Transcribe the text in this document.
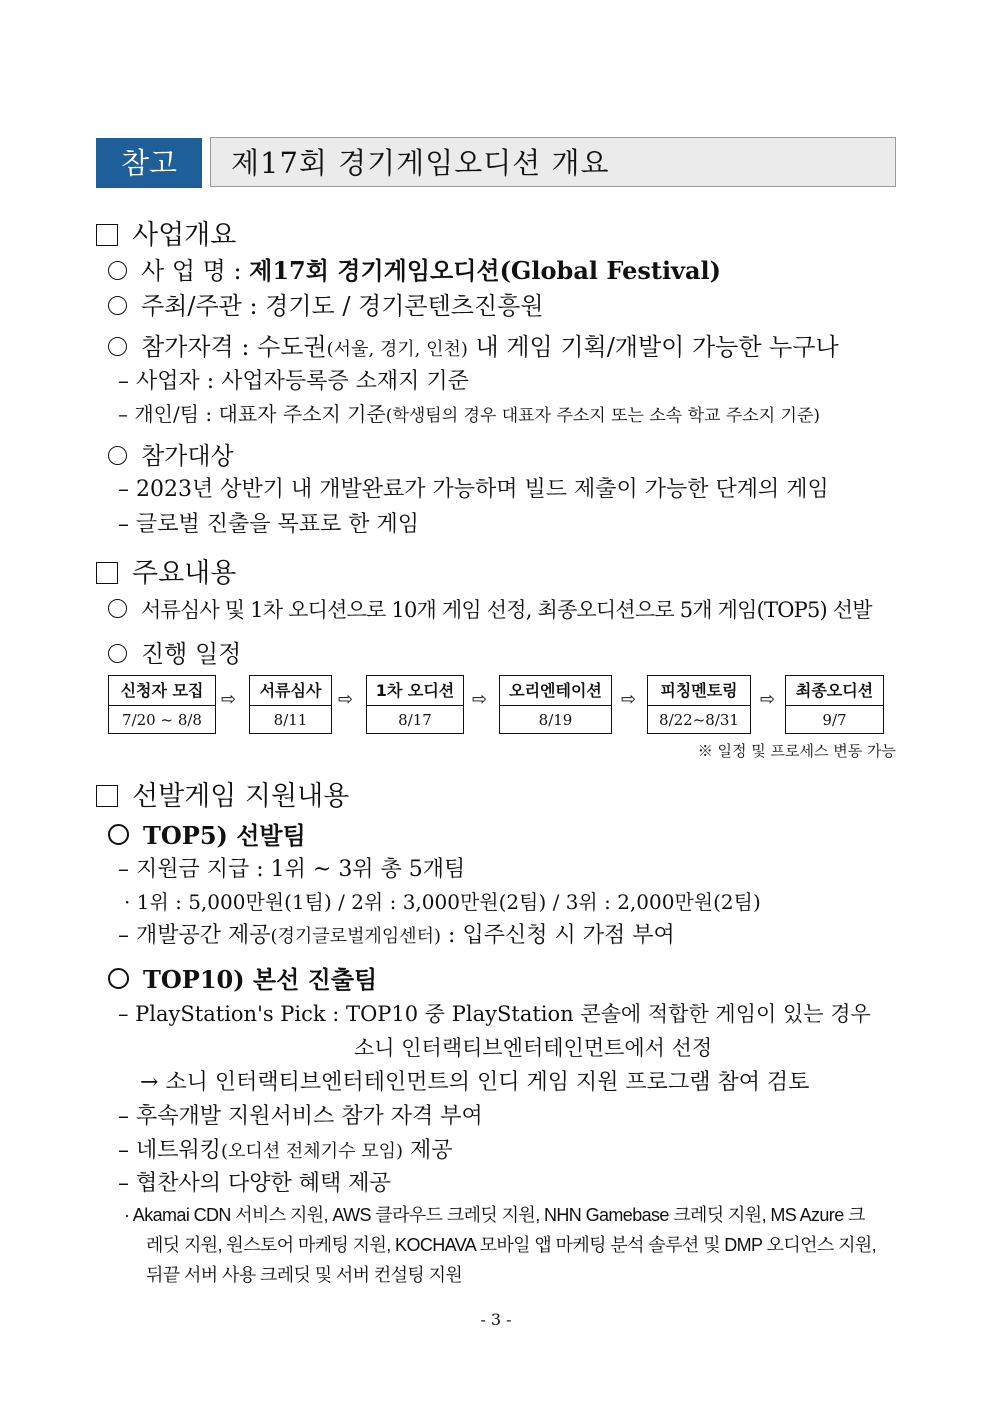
참고	제17회 경기게임오디션 개요
사업개요
사 업 명 : 제17회 경기게임오디션(Global Festival)
주최/주관 : 경기도 / 경기콘텐츠진흥원
참가자격 : 수도권(서울, 경기, 인천) 내 게임 기획/개발이 가능한 누구나
– 사업자 : 사업자등록증 소재지 기준
– 개인/팀 : 대표자 주소지 기준(학생팀의 경우 대표자 주소지 또는 소속 학교 주소지 기준)
참가대상
– 2023년 상반기 내 개발완료가 가능하며 빌드 제출이 가능한 단계의 게임
– 글로벌 진출을 목표로 한 게임
주요내용
서류심사 및 1차 오디션으로 10개 게임 선정, 최종오디션으로 5개 게임(TOP5) 선발
진행 일정
신청자 모집
7/20 ~ 8/8
⇨	서류심사
8/11
⇨	1차 오디션
8/17
⇨	오리엔테이션
8/19
⇨	피칭멘토링
8/22~8/31
⇨	최종오디션
9/7
※ 일정 및 프로세스 변동 가능
선발게임 지원내용
TOP5) 선발팀
– 지원금 지급 : 1위 ~ 3위 총 5개팀
· 1위 : 5,000만원(1팀) / 2위 : 3,000만원(2팀) / 3위 : 2,000만원(2팀)
– 개발공간 제공(경기글로벌게임센터) : 입주신청 시 가점 부여
TOP10) 본선 진출팀
– PlayStation's Pick : TOP10 중 PlayStation 콘솔에 적합한 게임이 있는 경우
소니 인터랙티브엔터테인먼트에서 선정
→ 소니 인터랙티브엔터테인먼트의 인디 게임 지원 프로그램 참여 검토
– 후속개발 지원서비스 참가 자격 부여
– 네트워킹(오디션 전체기수 모임) 제공
– 협찬사의 다양한 혜택 제공
· Akamai CDN 서비스 지원, AWS 클라우드 크레딧 지원, NHN Gamebase 크레딧 지원, MS Azure 크
레딧 지원, 원스토어 마케팅 지원, KOCHAVA 모바일 앱 마케팅 분석 솔루션 및 DMP 오디언스 지원,
뒤끝 서버 사용 크레딧 및 서버 컨설팅 지원
- 3 -
